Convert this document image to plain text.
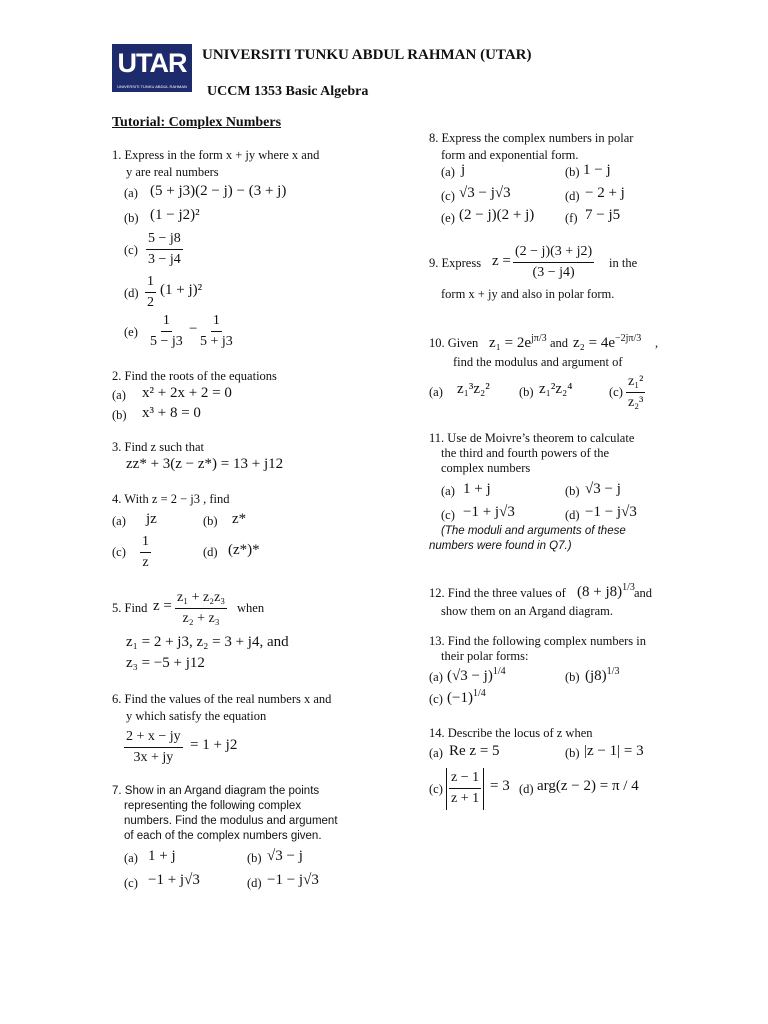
UTAR
UNIVERSITI TUNKU ABDUL RAHMAN
UNIVERSITI TUNKU ABDUL RAHMAN (UTAR)
UCCM 1353 Basic Algebra
Tutorial: Complex Numbers
1. Express in the form x + jy where x and
y are real numbers
(a) (5 + j3)(2 − j) − (3 + j)
(b) (1 − j2)²
$(c) \frac{5 - j8}{3 - j4}$
$(d) \frac{1}{2} (1 + j)^2$
$(e) \frac{1}{5 - j3} - \frac{1}{5 + j3}$
2. Find the roots of the equations
(a) x² + 2x + 2 = 0
(b) x³ + 8 = 0
3. Find z such that
zz* + 3(z − z*) = 13 + j12
4. With z = 2 − j3 , find
(a) jz	(b) z*
$(c) \frac{1}{z}$	(d) (z*)*
5. Find $z = \frac{\text{z₁ + z₂z₃}}{\text{z₂ + z₃}}$ when
z₁ = 2 + j3, z₂ = 3 + j4, and
z₃ = −5 + j12
6. Find the values of the real numbers x and
y which satisfy the equation
$\frac{2 + x - jy}{3x + jy} = 1 + j2$
7. Show in an Argand diagram the points
representing the following complex
numbers. Find the modulus and argument
of each of the complex numbers given.
(a) 1 + j	(b) √3 − j
(c) −1 + j√3	(d) −1 − j√3
8. Express the complex numbers in polar
form and exponential form.
(a) j	(b) 1 − j
(c) √3 − j√3	(d) − 2 + j
(e) (2 − j)(2 + j) (f) 7 − j5
9. Express $z = \frac{(2 - j)(3 + j2)}{(3 - j4)}$ in the
form x + jy and also in polar form.
10. Given $z_1 = 2e^{j\pi/3}$ and $z_2 = 4e^{-2j\pi/3}$ ,
find the modulus and argument of
(a) z₁³z₂² (b) z₁²z₂⁴	$(c) \frac{\text{z₁²}}{\text{z₂³}}$
11. Use de Moivre’s theorem to calculate
the third and fourth powers of the
complex numbers
(a) 1 + j	(b) √3 − j
(c) −1 + j√3	(d) −1 − j√3
(The moduli and arguments of these
numbers were found in Q7.)
12. Find the three values of $(8 + j8)^{1/3}$ and
show them on an Argand diagram.
13. Find the following complex numbers in
their polar forms:
(a) $(√3 - j)^{1/4}$	(b) $(j8)^{1/3}$
(c) $(-1)^{1/4}$
14. Describe the locus of z when
(a) Re z = 5	(b) |z − 1| = 3
$(c) \frac{z - 1}{z + 1} = 3$ (d) arg(z − 2) = π / 4
